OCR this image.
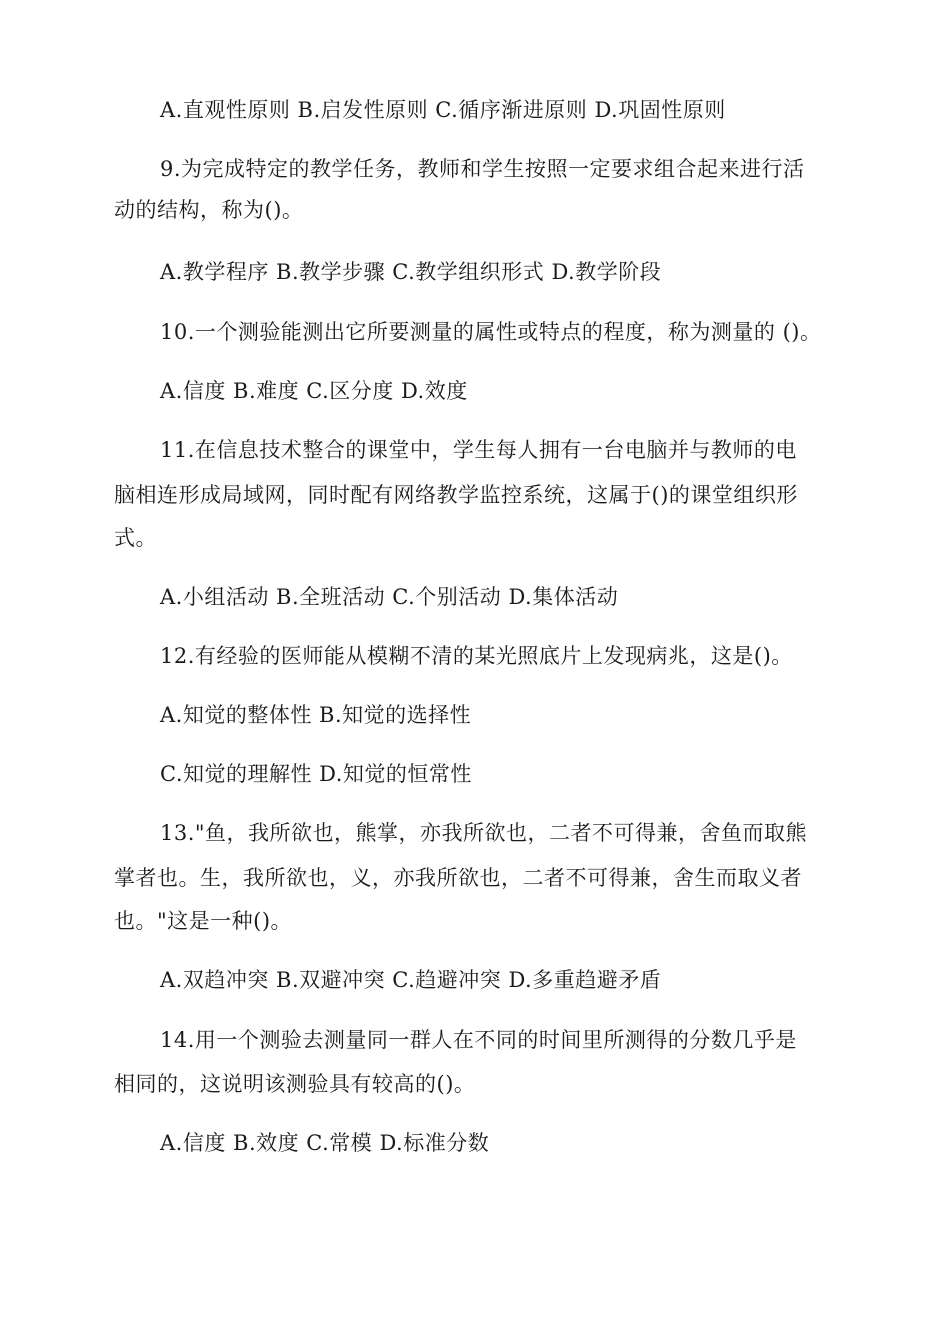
A.直观性原则 B.启发性原则 C.循序渐进原则 D.巩固性原则
9.为完成特定的教学任务，教师和学生按照一定要求组合起来进行活
动的结构，称为()。
A.教学程序 B.教学步骤 C.教学组织形式 D.教学阶段
10.一个测验能测出它所要测量的属性或特点的程度，称为测量的 ()。
A.信度 B.难度 C.区分度 D.效度
11.在信息技术整合的课堂中，学生每人拥有一台电脑并与教师的电
脑相连形成局域网，同时配有网络教学监控系统，这属于()的课堂组织形
式。
A.小组活动 B.全班活动 C.个别活动 D.集体活动
12.有经验的医师能从模糊不清的某光照底片上发现病兆，这是()。
A.知觉的整体性 B.知觉的选择性
C.知觉的理解性 D.知觉的恒常性
13."鱼，我所欲也，熊掌，亦我所欲也，二者不可得兼，舍鱼而取熊
掌者也。生，我所欲也，义，亦我所欲也，二者不可得兼，舍生而取义者
也。"这是一种()。
A.双趋冲突 B.双避冲突 C.趋避冲突 D.多重趋避矛盾
14.用一个测验去测量同一群人在不同的时间里所测得的分数几乎是
相同的，这说明该测验具有较高的()。
A.信度 B.效度 C.常模 D.标准分数
